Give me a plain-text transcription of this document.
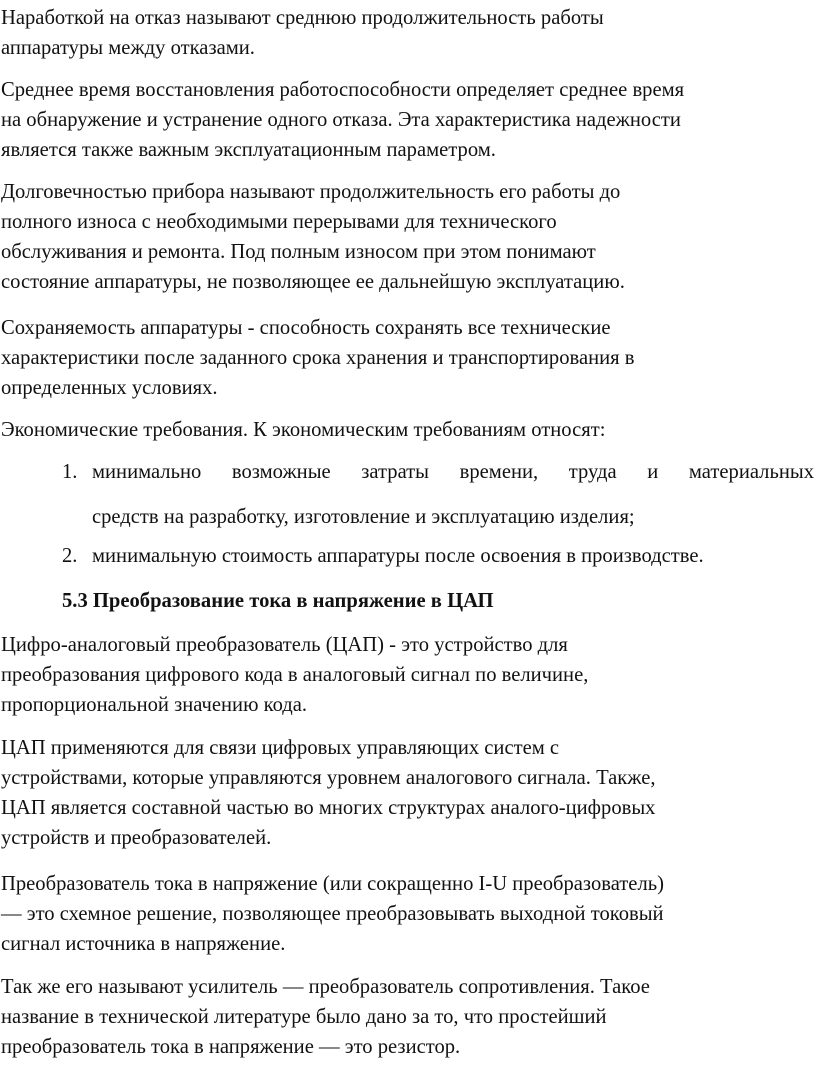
Наработкой на отказ называют среднюю продолжительность работы
аппаратуры между отказами.

Среднее время восстановления работоспособности определяет среднее время
на обнаружение и устранение одного отказа. Эта характеристика надежности
является также важным эксплуатационным параметром.

Долговечностью прибора называют продолжительность его работы до
полного износа с необходимыми перерывами для технического
обслуживания и ремонта. Под полным износом при этом понимают
состояние аппаратуры, не позволяющее ее дальнейшую эксплуатацию.

Сохраняемость аппаратуры - способность сохранять все технические
характеристики после заданного срока хранения и транспортирования в
определенных условиях.

Экономические требования. К экономическим требованиям относят:

1. минимально возможные затраты времени, труда и материальных
средств на разработку, изготовление и эксплуатацию изделия;
2. минимальную стоимость аппаратуры после освоения в производстве.
5.3 Преобразование тока в напряжение в ЦАП

Цифро-аналоговый преобразователь (ЦАП) - это устройство для
преобразования цифрового кода в аналоговый сигнал по величине,
пропорциональной значению кода.

ЦАП применяются для связи цифровых управляющих систем с
устройствами, которые управляются уровнем аналогового сигнала. Также,
ЦАП является составной частью во многих структурах аналого-цифровых
устройств и преобразователей.

Преобразователь тока в напряжение (или сокращенно I-U преобразователь)
— это схемное решение, позволяющее преобразовывать выходной токовый
сигнал источника в напряжение.

Так же его называют усилитель — преобразователь сопротивления. Такое
название в технической литературе было дано за то, что простейший
преобразователь тока в напряжение — это резистор.
